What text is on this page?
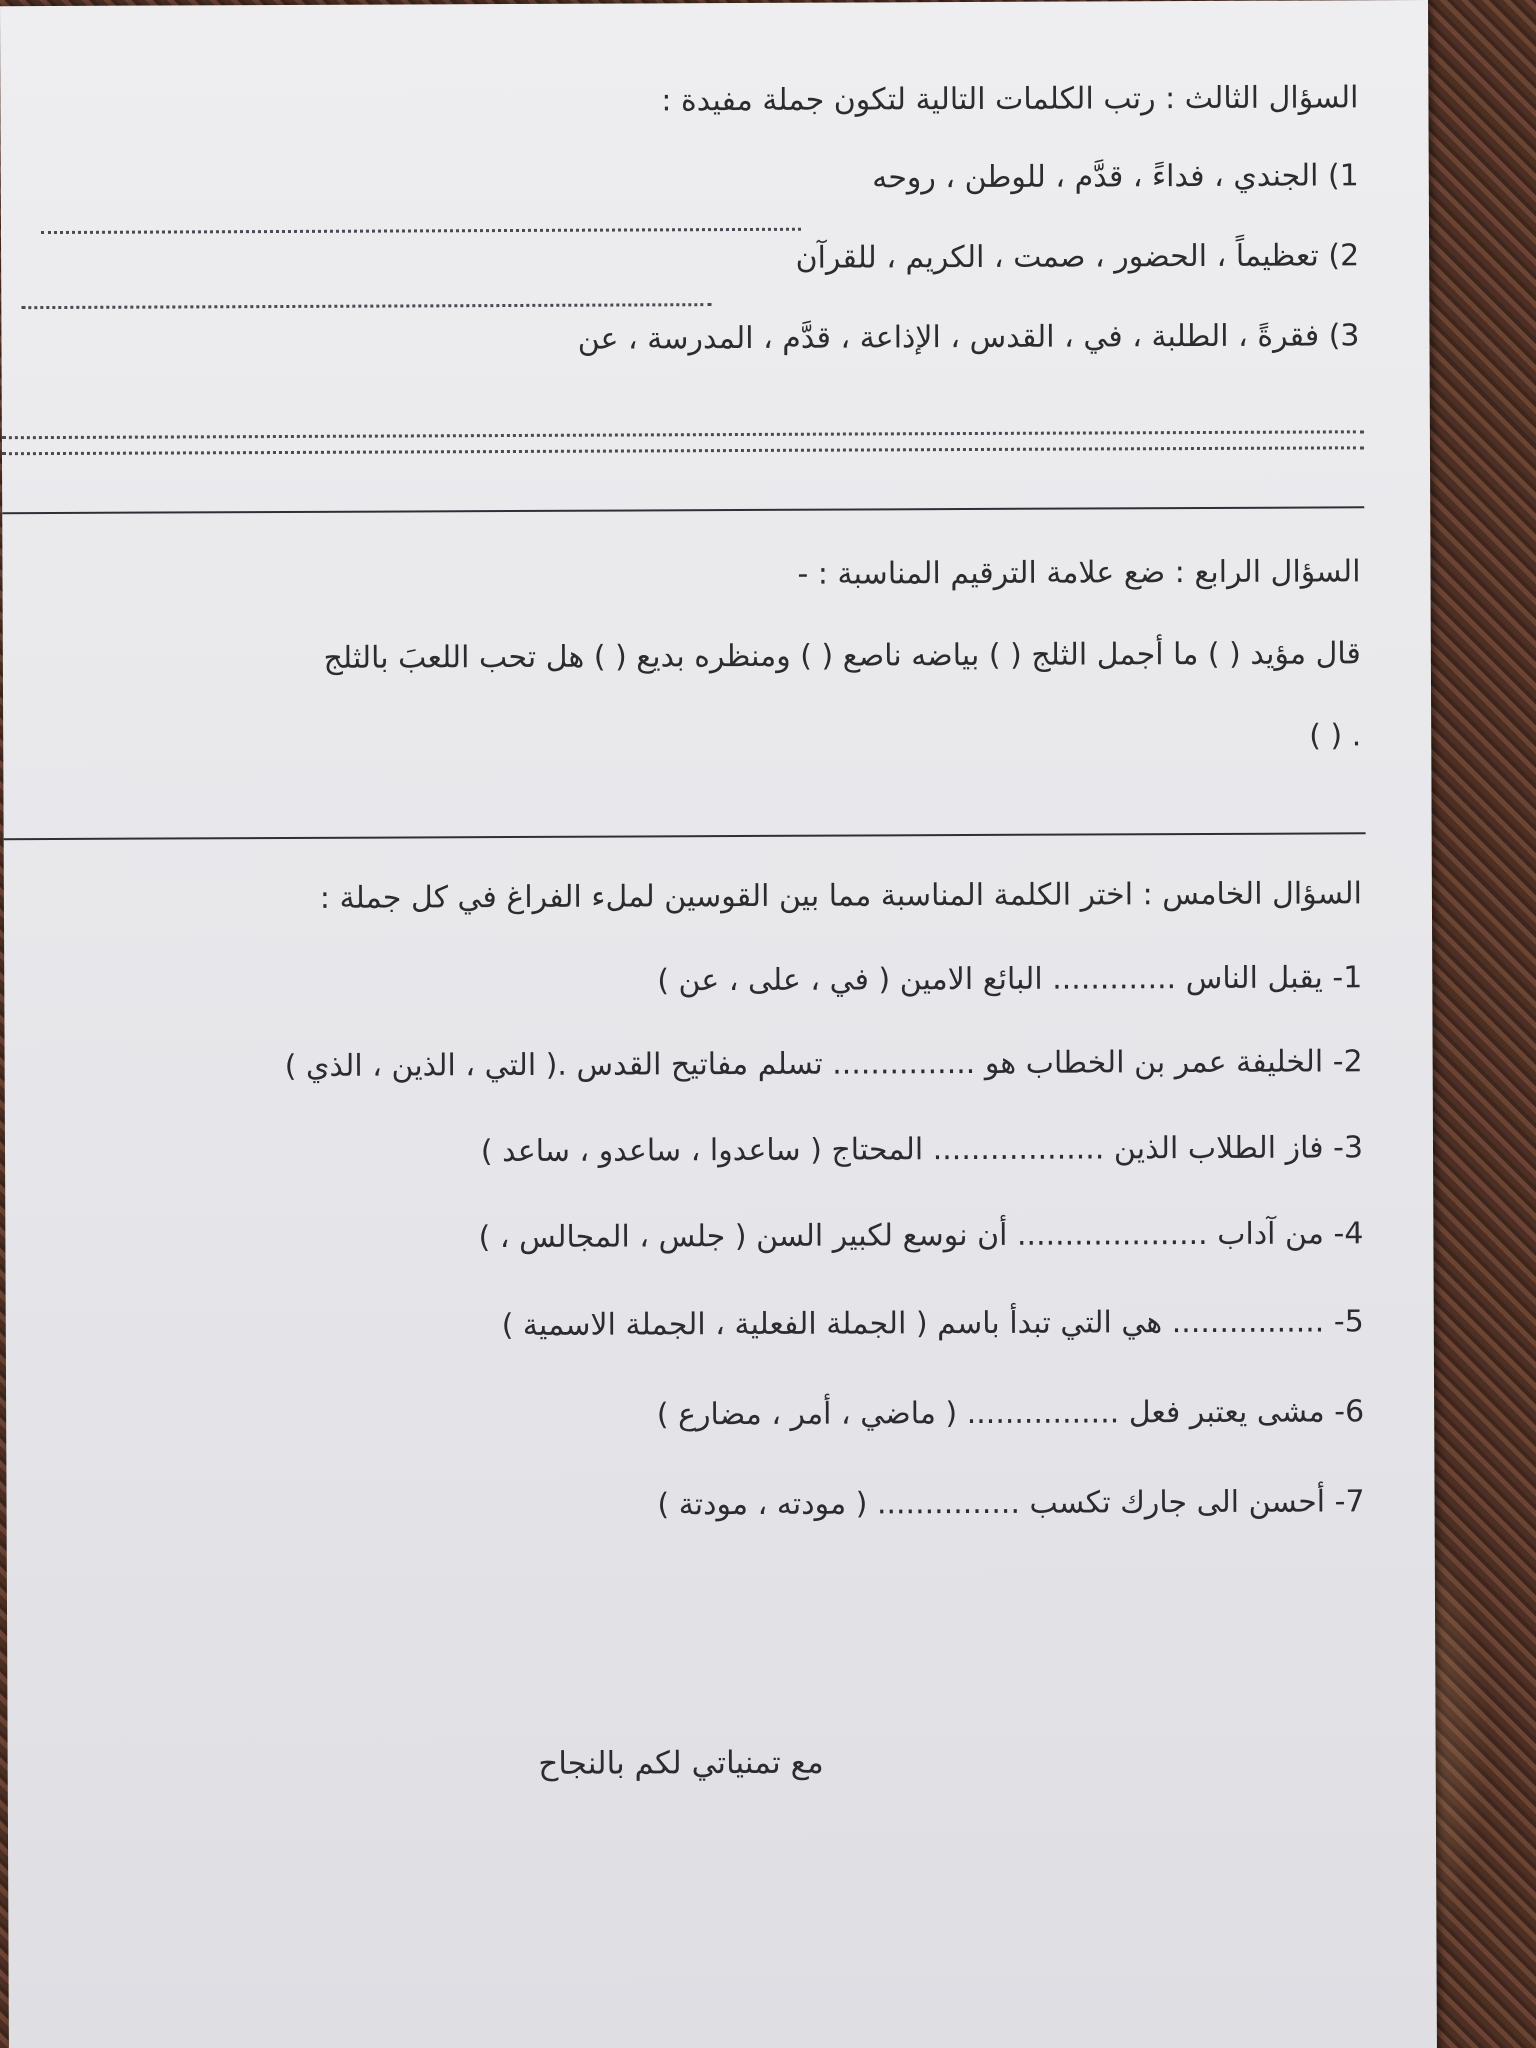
السؤال الثالث : رتب الكلمات التالية لتكون جملة مفيدة :
1) الجندي ، فداءً ، قدَّم ، للوطن ، روحه
2) تعظيماً ، الحضور ، صمت ، الكريم ، للقرآن
3) فقرةً ، الطلبة ، في ، القدس ، الإذاعة ، قدَّم ، المدرسة ، عن
السؤال الرابع : ضع علامة الترقيم المناسبة : -
قال مؤيد ( ) ما أجمل الثلج ( ) بياضه ناصع ( ) ومنظره بديع ( ) هل تحب اللعبَ بالثلج
( ) .
السؤال الخامس : اختر الكلمة المناسبة مما بين القوسين لملء الفراغ في كل جملة :
1- يقبل الناس ............. البائع الامين ( في ، على ، عن )
2- الخليفة عمر بن الخطاب هو ............... تسلم مفاتيح القدس .( التي ، الذين ، الذي )
3- فاز الطلاب الذين .................. المحتاج ( ساعدوا ، ساعدو ، ساعد )
4- من آداب .................... أن نوسع لكبير السن ( جلس ، المجالس ، )
5- ................ هي التي تبدأ باسم ( الجملة الفعلية ، الجملة الاسمية )
6- مشى يعتبر فعل ................ ( ماضي ، أمر ، مضارع )
7- أحسن الى جارك تكسب ............... ( مودته ، مودتة )
مع تمنياتي لكم بالنجاح
